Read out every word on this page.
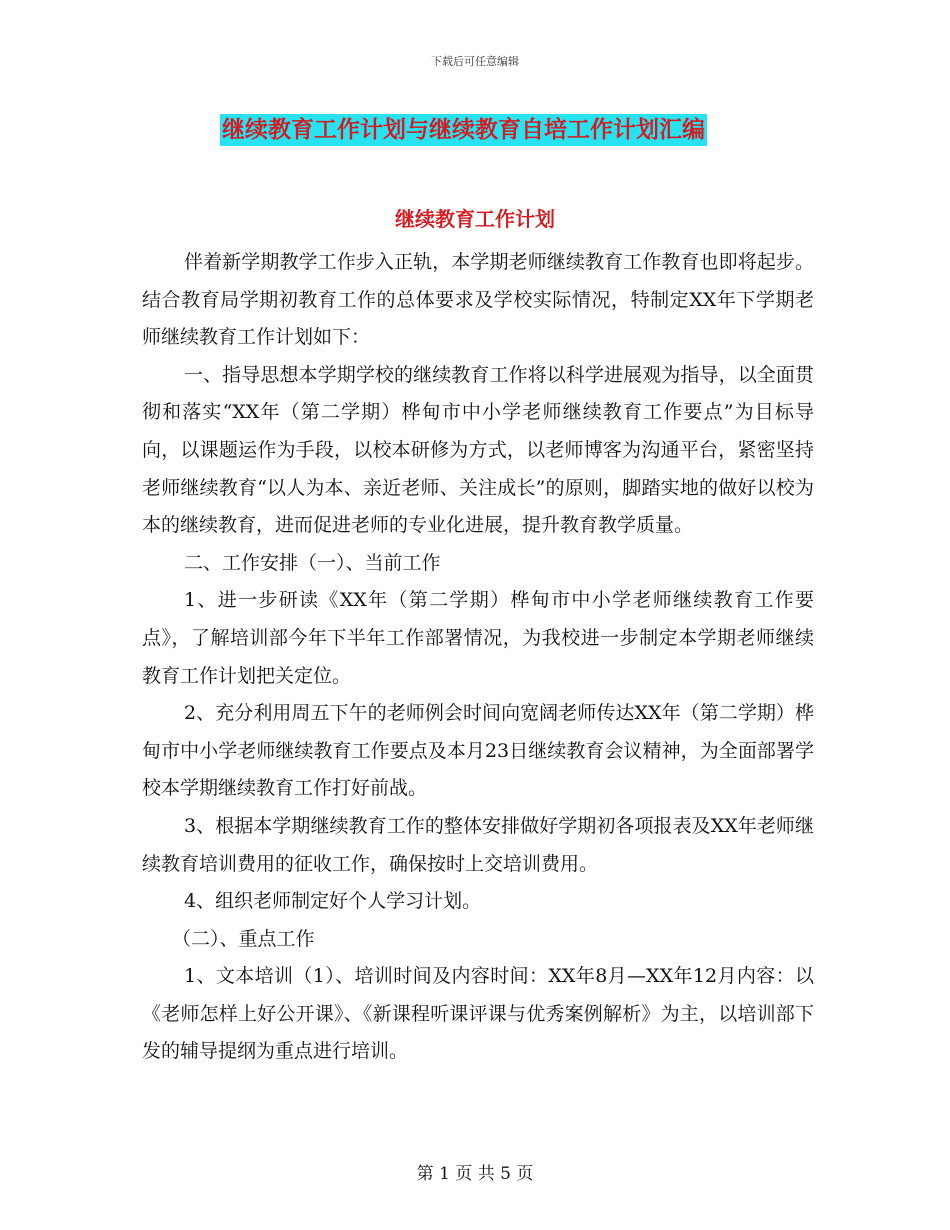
下载后可任意编辑
继续教育工作计划与继续教育自培工作计划汇编
继续教育工作计划

伴着新学期教学工作步入正轨，本学期老师继续教育工作教育也即将起步。结合教育局学期初教育工作的总体要求及学校实际情况，特制定XX年下学期老师继续教育工作计划如下：

一、指导思想本学期学校的继续教育工作将以科学进展观为指导，以全面贯彻和落实“XX年（第二学期）桦甸市中小学老师继续教育工作要点”为目标导向，以课题运作为手段，以校本研修为方式，以老师博客为沟通平台，紧密坚持老师继续教育“以人为本、亲近老师、关注成长”的原则，脚踏实地的做好以校为本的继续教育，进而促进老师的专业化进展，提升教育教学质量。

二、工作安排（一）、当前工作

1、进一步研读《XX年（第二学期）桦甸市中小学老师继续教育工作要点》，了解培训部今年下半年工作部署情况，为我校进一步制定本学期老师继续教育工作计划把关定位。

2、充分利用周五下午的老师例会时间向宽阔老师传达XX年（第二学期）桦甸市中小学老师继续教育工作要点及本月23日继续教育会议精神，为全面部署学校本学期继续教育工作打好前战。

3、根据本学期继续教育工作的整体安排做好学期初各项报表及XX年老师继续教育培训费用的征收工作，确保按时上交培训费用。

4、组织老师制定好个人学习计划。

（二）、重点工作

1、文本培训（1）、培训时间及内容时间：XX年8月—XX年12月内容：以《老师怎样上好公开课》、《新课程听课评课与优秀案例解析》为主，以培训部下发的辅导提纲为重点进行培训。

第 1 页 共 5 页
